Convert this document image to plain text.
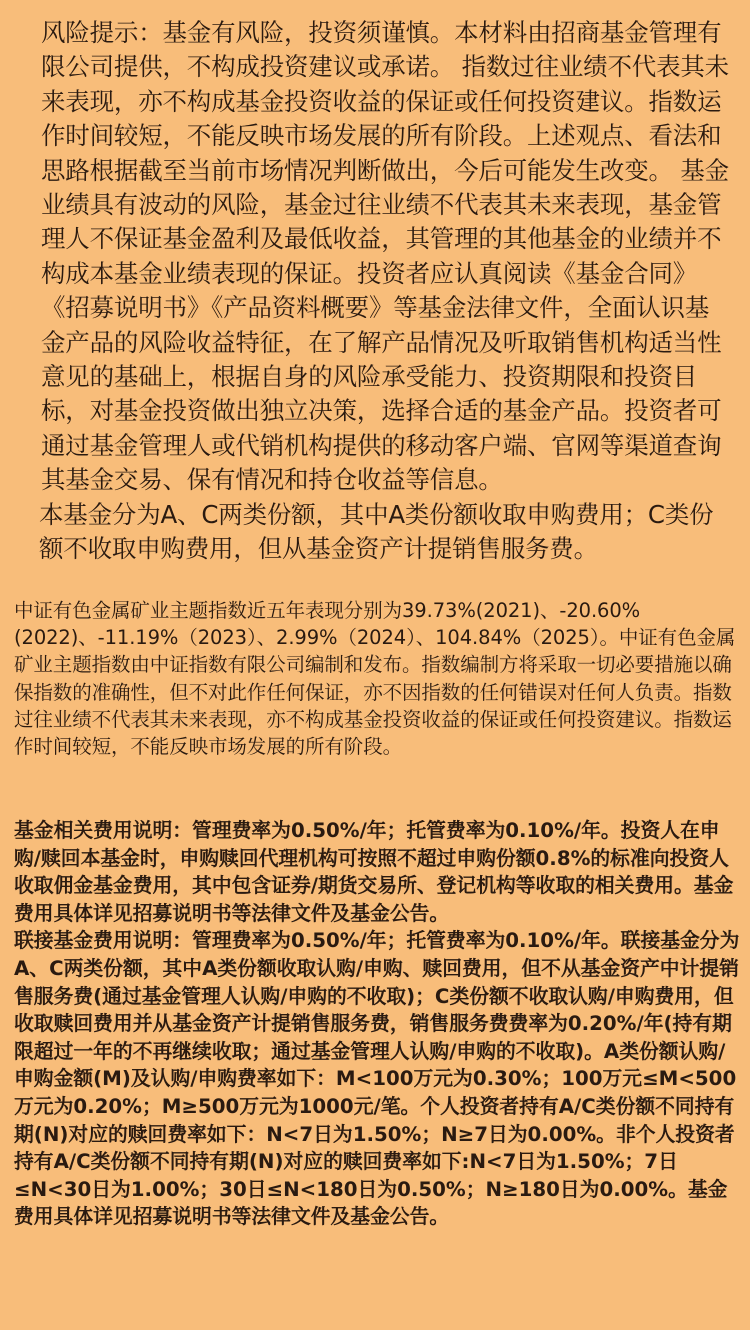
风险提示：基金有风险，投资须谨慎。本材料由招商基金管理有限公司提供，不构成投资建议或承诺。 指数过往业绩不代表其未来表现，亦不构成基金投资收益的保证或任何投资建议。指数运作时间较短，不能反映市场发展的所有阶段。上述观点、看法和思路根据截至当前市场情况判断做出，今后可能发生改变。 基金业绩具有波动的风险，基金过往业绩不代表其未来表现，基金管理人不保证基金盈利及最低收益，其管理的其他基金的业绩并不构成本基金业绩表现的保证。投资者应认真阅读《基金合同》《招募说明书》《产品资料概要》等基金法律文件，全面认识基金产品的风险收益特征，在了解产品情况及听取销售机构适当性意见的基础上，根据自身的风险承受能力、投资期限和投资目标，对基金投资做出独立决策，选择合适的基金产品。投资者可通过基金管理人或代销机构提供的移动客户端、官网等渠道查询其基金交易、保有情况和持仓收益等信息。

本基金分为A、C两类份额，其中A类份额收取申购费用；C类份额不收取申购费用，但从基金资产计提销售服务费。

中证有色金属矿业主题指数近五年表现分别为39.73%(2021)、-20.60%(2022)、-11.19%（2023）、2.99%（2024）、104.84%（2025）。中证有色金属矿业主题指数由中证指数有限公司编制和发布。指数编制方将采取一切必要措施以确保指数的准确性，但不对此作任何保证，亦不因指数的任何错误对任何人负责。指数过往业绩不代表其未来表现，亦不构成基金投资收益的保证或任何投资建议。指数运作时间较短，不能反映市场发展的所有阶段。

基金相关费用说明：管理费率为0.50%/年；托管费率为0.10%/年。投资人在申购/赎回本基金时，申购赎回代理机构可按照不超过申购份额0.8%的标准向投资人收取佣金基金费用，其中包含证券/期货交易所、登记机构等收取的相关费用。基金费用具体详见招募说明书等法律文件及基金公告。

联接基金费用说明：管理费率为0.50%/年；托管费率为0.10%/年。联接基金分为A、C两类份额，其中A类份额收取认购/申购、赎回费用，但不从基金资产中计提销售服务费(通过基金管理人认购/申购的不收取)；C类份额不收取认购/申购费用，但收取赎回费用并从基金资产计提销售服务费，销售服务费费率为0.20%/年(持有期限超过一年的不再继续收取；通过基金管理人认购/申购的不收取)。A类份额认购/申购金额(M)及认购/申购费率如下：M<100万元为0.30%；100万元≤M<500万元为0.20%；M≥500万元为1000元/笔。个人投资者持有A/C类份额不同持有期(N)对应的赎回费率如下：N<7日为1.50%；N≥7日为0.00%。非个人投资者持有A/C类份额不同持有期(N)对应的赎回费率如下:N<7日为1.50%；7日≤N<30日为1.00%；30日≤N<180日为0.50%；N≥180日为0.00%。基金费用具体详见招募说明书等法律文件及基金公告。
